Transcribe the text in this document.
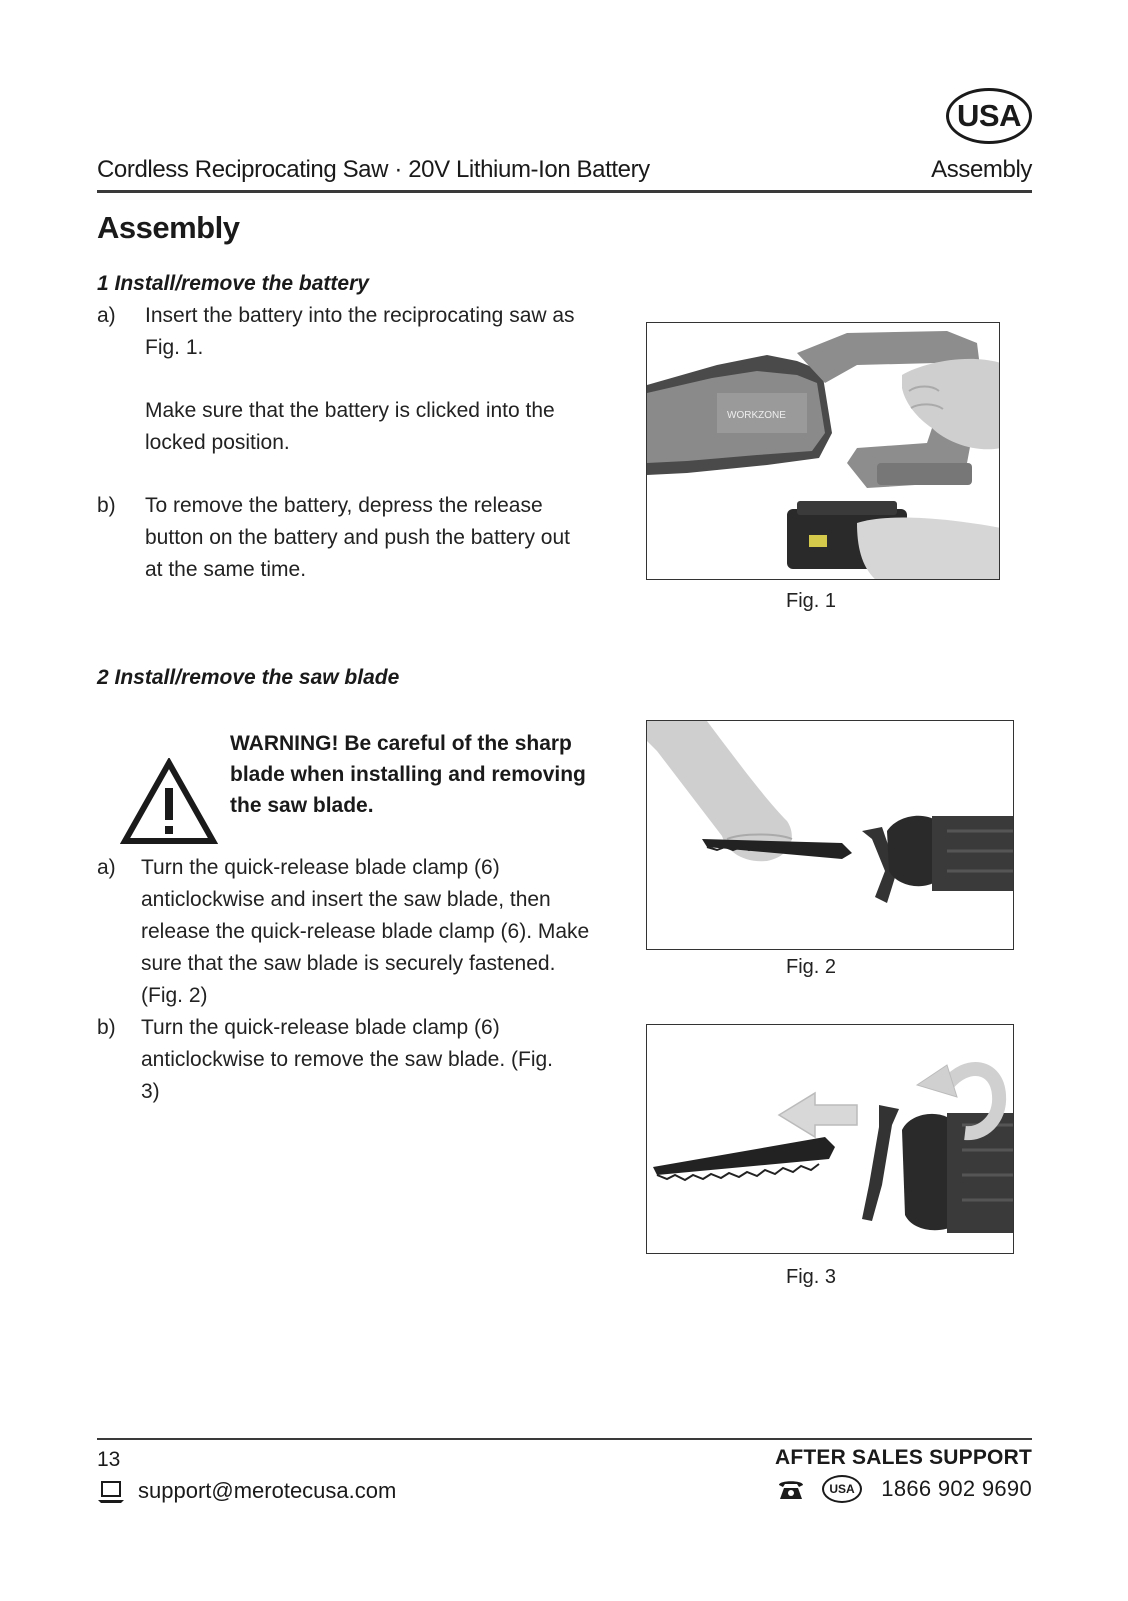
USA
Cordless Reciprocating Saw · 20V Lithium-Ion Battery	Assembly
Assembly
1 Install/remove the battery
a) Insert the battery into the reciprocating saw as Fig. 1.
Make sure that the battery is clicked into the locked position.
b) To remove the battery, depress the release button on the battery and push the battery out at the same time.
WORKZONE
Fig. 1
2 Install/remove the saw blade
WARNING! Be careful of the sharp blade when installing and removing the saw blade.
a) Turn the quick-release blade clamp (6) anticlockwise and insert the saw blade, then release the quick-release blade clamp (6). Make sure that the saw blade is securely fastened. (Fig. 2)
b) Turn the quick-release blade clamp (6) anticlockwise to remove the saw blade. (Fig. 3)
Fig. 2
Fig. 3
13	AFTER SALES SUPPORT
support@merotecusa.com	USA	1866 902 9690
